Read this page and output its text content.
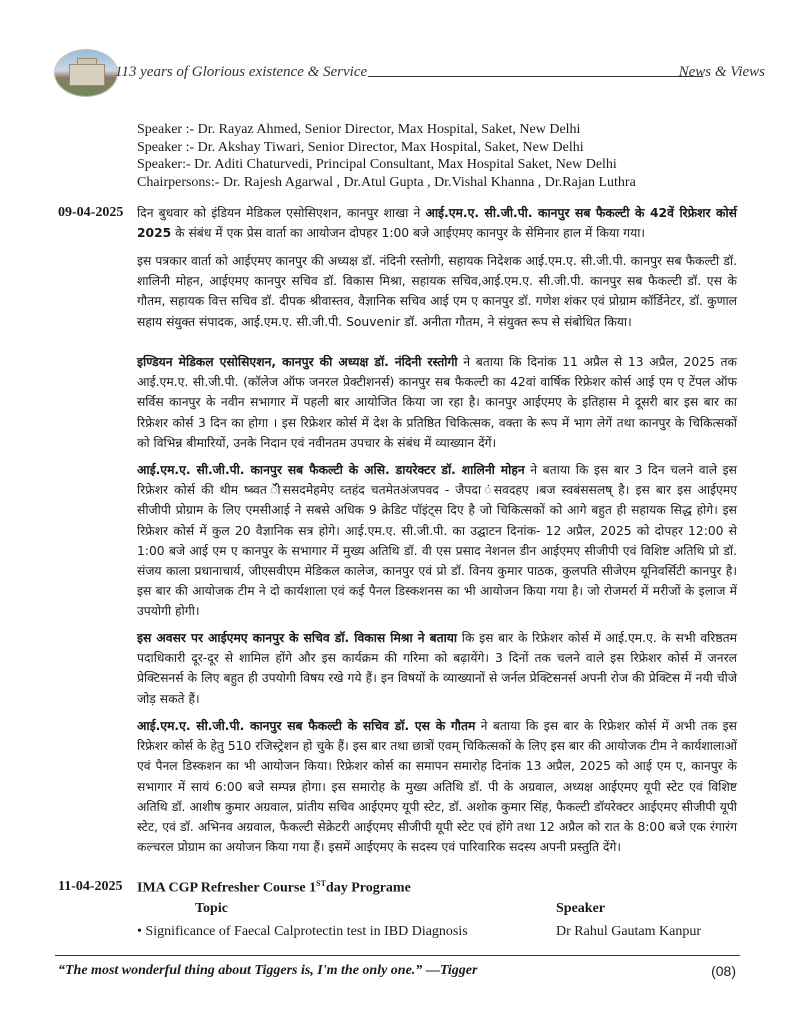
113 years of Glorious existence & Service	News & Views
Speaker :- Dr. Rayaz Ahmed, Senior Director, Max Hospital, Saket, New Delhi
Speaker :- Dr. Akshay Tiwari, Senior Director, Max Hospital, Saket, New Delhi
Speaker:- Dr. Aditi Chaturvedi, Principal Consultant, Max Hospital Saket, New Delhi
Chairpersons:- Dr. Rajesh Agarwal , Dr.Atul Gupta , Dr.Vishal Khanna , Dr.Rajan Luthra
09-04-2025 दिन बुधवार को इंडियन मेडिकल एसोसिएशन, कानपुर शाखा ने आई.एम.ए. सी.जी.पी. कानपुर सब फैकल्टी के 42वें रिफ्रेशर कोर्स 2025 के संबंध में एक प्रेस वार्ता का आयोजन दोपहर 1:00 बजे आईएमए कानपुर के सेमिनार हाल में किया गया।
इस पत्रकार वार्ता को आईएमए कानपुर की अध्यक्ष डॉ. नंदिनी रस्तोगी, सहायक निदेशक आई.एम.ए. सी.जी.पी. कानपुर सब फैकल्टी डॉ. शालिनी मोहन, आईएमए कानपुर सचिव डॉ. विकास मिश्रा, सहायक सचिव,आई.एम.ए. सी.जी.पी. कानपुर सब फैकल्टी डॉ. एस के गौतम, सहायक वित्त सचिव डॉ. दीपक श्रीवास्तव, वैज्ञानिक सचिव आई एम ए कानपुर डॉ. गणेश शंकर एवं प्रोग्राम कॉर्डिनेटर, डॉ. कुणाल सहाय संयुक्त संपादक, आई.एम.ए. सी.जी.पी. Souvenir डॉ. अनीता गौतम, ने संयुक्त रूप से संबोधित किया।
इण्डियन मेडिकल एसोसिएशन, कानपुर की अध्यक्ष डॉ. नंदिनी रस्तोगी ने बताया कि दिनांक 11 अप्रैल से 13 अप्रैल, 2025 तक आई.एम.ए. सी.जी.पी. (कॉलेज ऑफ जनरल प्रेक्टीशनर्स) कानपुर सब फैकल्टी का 42वां वार्षिक रिफ्रेशर कोर्स आई एम ए टेंपल ऑफ सर्विस कानपुर के नवीन सभागार में पहली बार आयोजित किया जा रहा है। कानपुर आईएमए के इतिहास मे दूसरी बार इस बार का रिफ्रेशर कोर्स 3 दिन का होगा । इस रिफ्रेशर कोर्स में देश के प्रतिष्ठित चिकित्सक, वक्ता के रूप में भाग लेगें तथा कानपुर के चिकित्सकों को विभिन्न बीमारियों, उनके निदान एवं नवीनतम उपचार के संबंध में व्याख्यान देंगें।
आई.एम.ए. सी.जी.पी. कानपुर सब फैकल्टी के असि. डायरेक्टर डॉ. शालिनी मोहन ने बताया कि इस बार 3 दिन चलने वाले इस रिफ्रेशर कोर्स की थीम ष्ब्वत ॅीससदमेेहमेए व्तहंद चतमेतअंजपवद - जैपदा ंसवदहए ।बज स्वबंससलष् है। इस बार इस आईएमए सीजीपी प्रोग्राम के लिए एमसीआई ने सबसे अधिक 9 क्रेडिट पॉइंट्स दिए है जो चिकित्सकों को आगे बहुत ही सहायक सिद्ध होगे। इस रिफ्रेशर कोर्स में कुल 20 वैज्ञानिक सत्र होगे। आई.एम.ए. सी.जी.पी. का उद्घाटन दिनांक- 12 अप्रैल, 2025 को दोपहर 12:00 से 1:00 बजे आई एम ए कानपुर के सभागार में मुख्य अतिथि डॉ. वी एस प्रसाद नेशनल डीन आईएमए सीजीपी एवं विशिष्ट अतिथि प्रो डॉ. संजय काला प्रधानाचार्य, जीएसवीएम मेडिकल कालेज, कानपुर एवं प्रो डॉ. विनय कुमार पाठक, कुलपति सीजेएम यूनिवर्सिटी कानपुर है। इस बार की आयोजक टीम ने दो कार्यशाला एवं कई पैनल डिस्कशनस का भी आयोजन किया गया है। जो रोजमर्रा में मरीजों के इलाज में उपयोगी होगी।
इस अवसर पर आईएमए कानपुर के सचिव डॉ. विकास मिश्रा ने बताया कि इस बार के रिफ्रेशर कोर्स में आई.एम.ए. के सभी वरिष्ठतम पदाधिकारी दूर-दूर से शामिल होंगे और इस कार्यक्रम की गरिमा को बढ़ायेंगे। 3 दिनों तक चलने वाले इस रिफ्रेशर कोर्स में जनरल प्रेक्टिसनर्स के लिए बहुत ही उपयोगी विषय रखे गये हैं। इन विषयों के व्याख्यानों से जर्नल प्रेक्टिसनर्स अपनी रोज की प्रेक्टिस में नयी चीजे जोड़ सकते हैं।
आई.एम.ए. सी.जी.पी. कानपुर सब फैकल्टी के सचिव डॉ. एस के गौतम ने बताया कि इस बार के रिफ्रेशर कोर्स में अभी तक इस रिफ्रेशर कोर्स के हेतु 510 रजिस्ट्रेशन हो चुके हैं। इस बार तथा छात्रों एवम् चिकित्सकों के लिए इस बार की आयोजक टीम ने कार्यशालाओं एवं पैनल डिस्कशन का भी आयोजन किया। रिफ्रेशर कोर्स का समापन समारोह दिनांक 13 अप्रैल, 2025 को आई एम ए, कानपुर के सभागार में सायं 6:00 बजे सम्पन्न होगा। इस समारोह के मुख्य अतिथि डॉ. पी के अग्रवाल, अध्यक्ष आईएमए यूपी स्टेट एवं विशिष्ट अतिथि डॉ. आशीष कुमार अग्रवाल, प्रांतीय सचिव आईएमए यूपी स्टेट, डॉ. अशोक कुमार सिंह, फैकल्टी डॉयरेक्टर आईएमए सीजीपी यूपी स्टेट, एवं डॉ. अभिनव अग्रवाल, फैकल्टी सेक्रेटरी आईएमए सीजीपी यूपी स्टेट एवं होंगे तथा 12 अप्रैल को रात के 8:00 बजे एक रंगारंग कल्चरल प्रोग्राम का अयोजन किया गया हैं। इसमें आईएमए के सदस्य एवं पारिवारिक सदस्य अपनी प्रस्तुति देंगे।
11-04-2025 IMA CGP Refresher Course 1STday Programe
Topic	Speaker
• Significance of Faecal Calprotectin test in IBD Diagnosis	Dr Rahul Gautam Kanpur
“The most wonderful thing about Tiggers is, I'm the only one.” —Tigger	(08)
